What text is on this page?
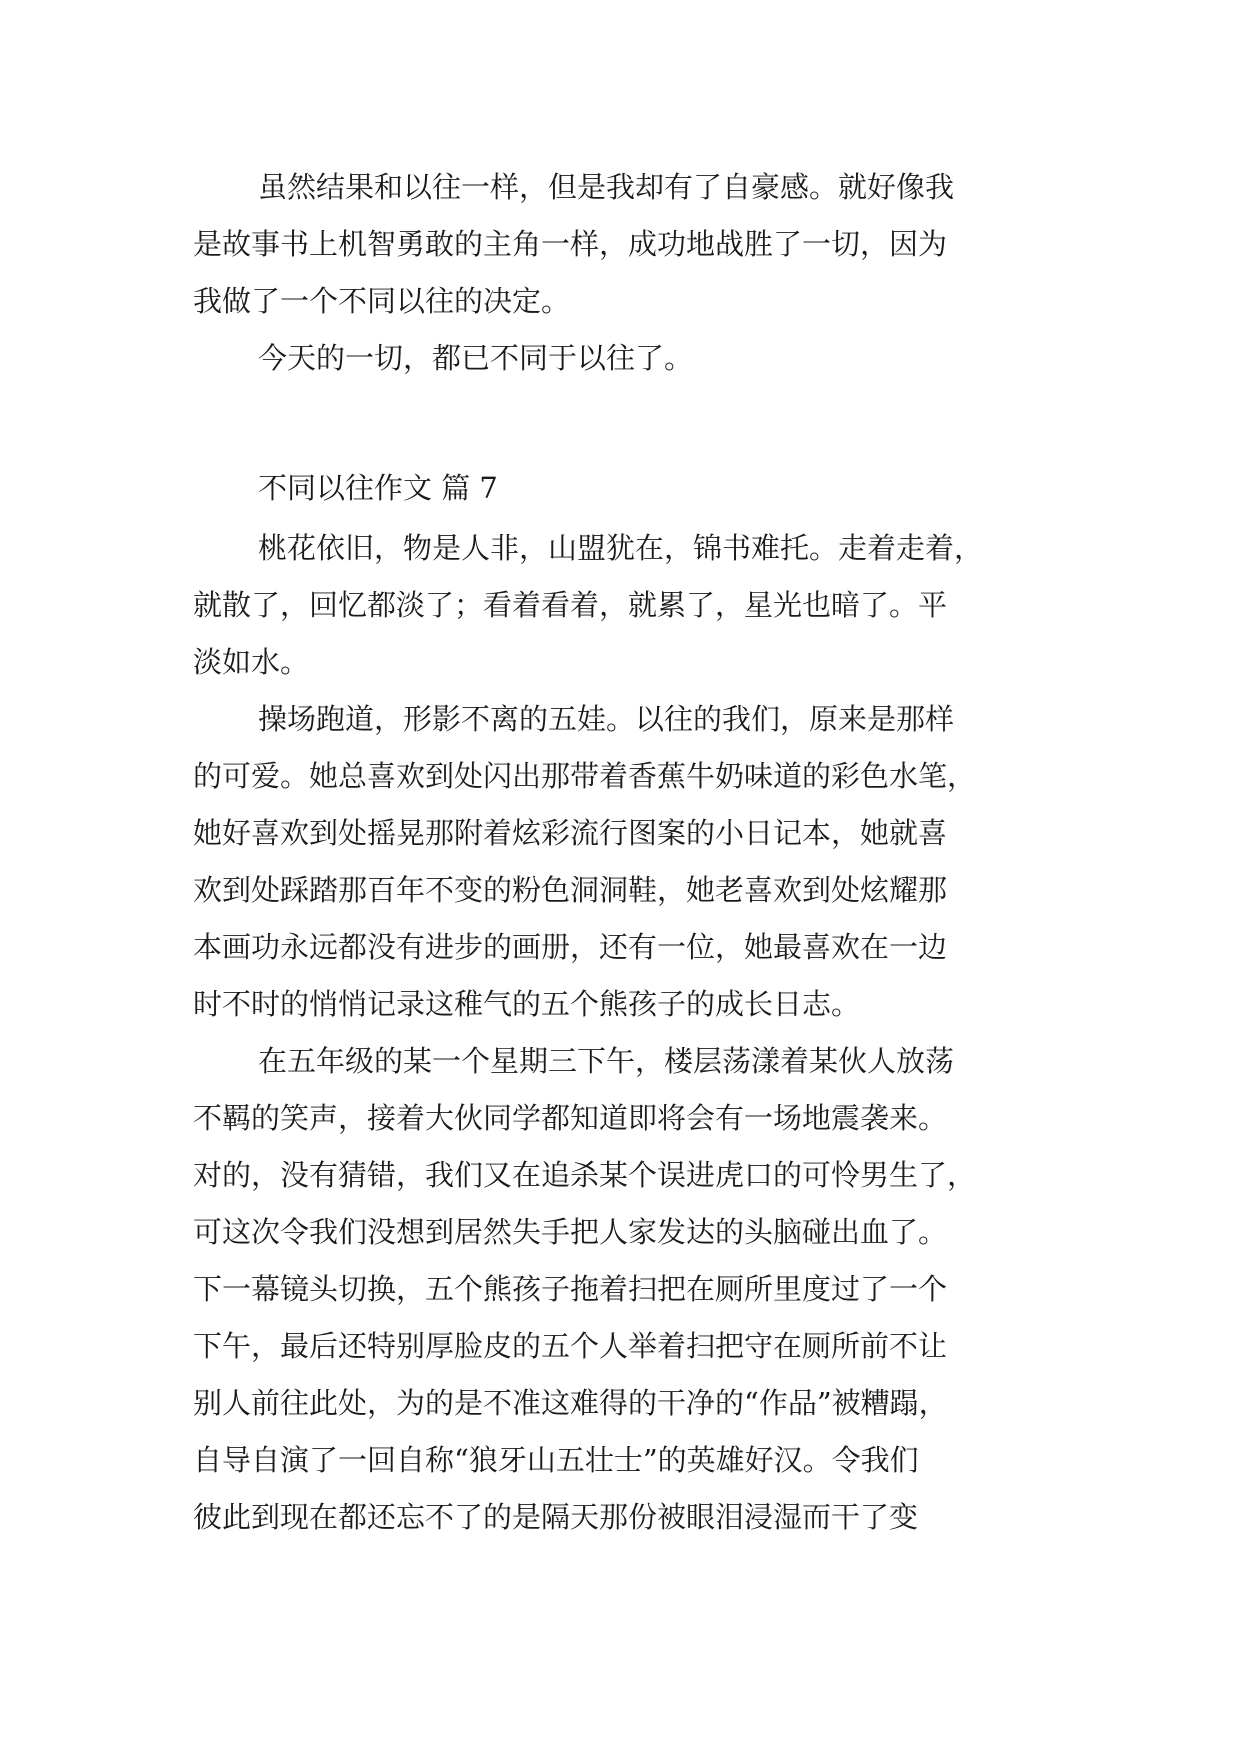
虽然结果和以往一样，但是我却有了自豪感。就好像我
是故事书上机智勇敢的主角一样，成功地战胜了一切，因为
我做了一个不同以往的决定。
今天的一切，都已不同于以往了。
不同以往作文 篇 7
桃花依旧，物是人非，山盟犹在，锦书难托。走着走着，
就散了，回忆都淡了；看着看着，就累了，星光也暗了。平
淡如水。
操场跑道，形影不离的五娃。以往的我们，原来是那样
的可爱。她总喜欢到处闪出那带着香蕉牛奶味道的彩色水笔，
她好喜欢到处摇晃那附着炫彩流行图案的小日记本，她就喜
欢到处踩踏那百年不变的粉色洞洞鞋，她老喜欢到处炫耀那
本画功永远都没有进步的画册，还有一位，她最喜欢在一边
时不时的悄悄记录这稚气的五个熊孩子的成长日志。
在五年级的某一个星期三下午，楼层荡漾着某伙人放荡
不羁的笑声，接着大伙同学都知道即将会有一场地震袭来。
对的，没有猜错，我们又在追杀某个误进虎口的可怜男生了，
可这次令我们没想到居然失手把人家发达的头脑碰出血了。
下一幕镜头切换，五个熊孩子拖着扫把在厕所里度过了一个
下午，最后还特别厚脸皮的五个人举着扫把守在厕所前不让
别人前往此处，为的是不准这难得的干净的“作品”被糟蹋，
自导自演了一回自称“狼牙山五壮士”的英雄好汉。令我们
彼此到现在都还忘不了的是隔天那份被眼泪浸湿而干了变
